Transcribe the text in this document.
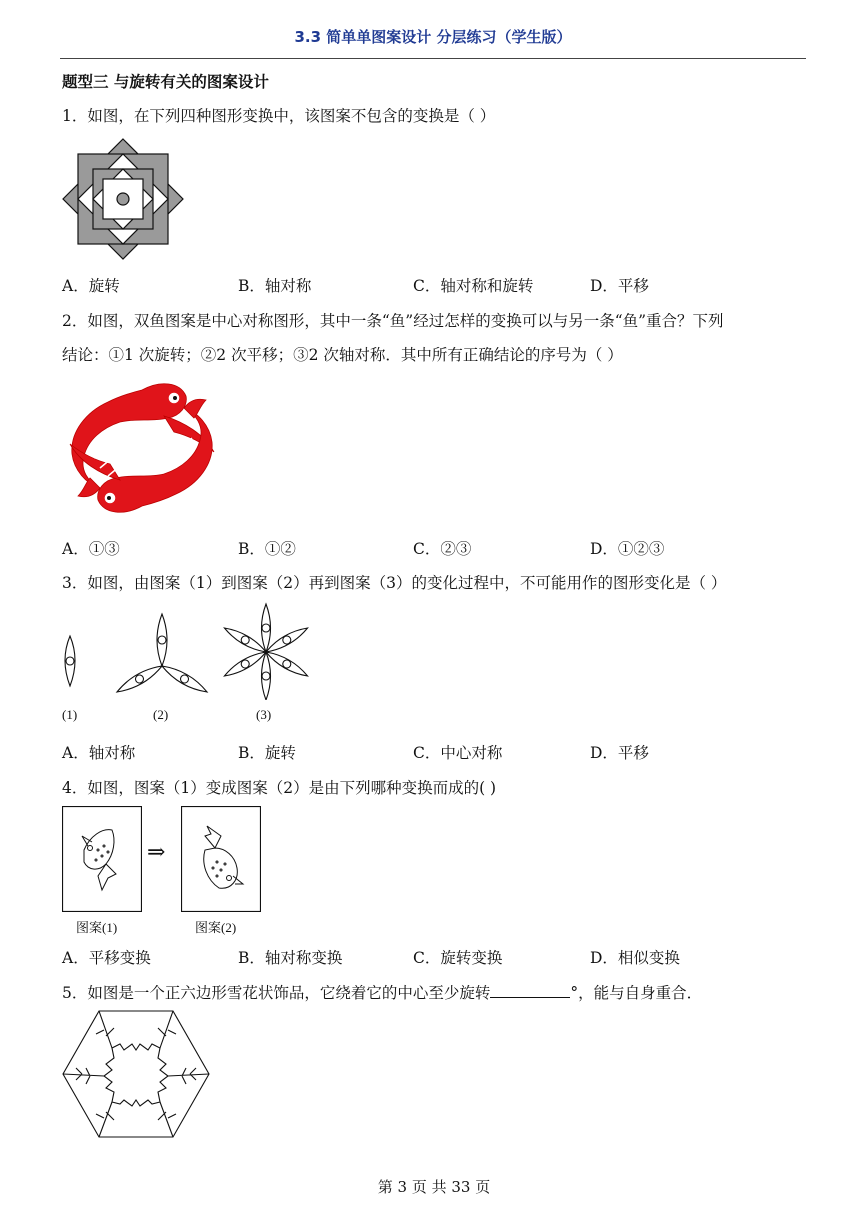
3.3 简单单图案设计 分层练习（学生版）
题型三 与旋转有关的图案设计
1．如图，在下列四种图形变换中，该图案不包含的变换是（ ）
A．旋转	B．轴对称	C．轴对称和旋转	D．平移
2．如图，双鱼图案是中心对称图形，其中一条“鱼”经过怎样的变换可以与另一条“鱼”重合？下列
结论：①1 次旋转；②2 次平移；③2 次轴对称．其中所有正确结论的序号为（ ）
A．①③	B．①②	C．②③	D．①②③
3．如图，由图案（1）到图案（2）再到图案（3）的变化过程中，不可能用作的图形变化是（ ）
(1)	(2)	(3)
A．轴对称	B．旋转	C．中心对称	D．平移
4．如图，图案（1）变成图案（2）是由下列哪种变换而成的( )
⇒
图案(1)	图案(2)
A．平移变换	B．轴对称变换	C．旋转变换	D．相似变换
5．如图是一个正六边形雪花状饰品，它绕着它的中心至少旋转	°，能与自身重合．
第 3 页 共 33 页
